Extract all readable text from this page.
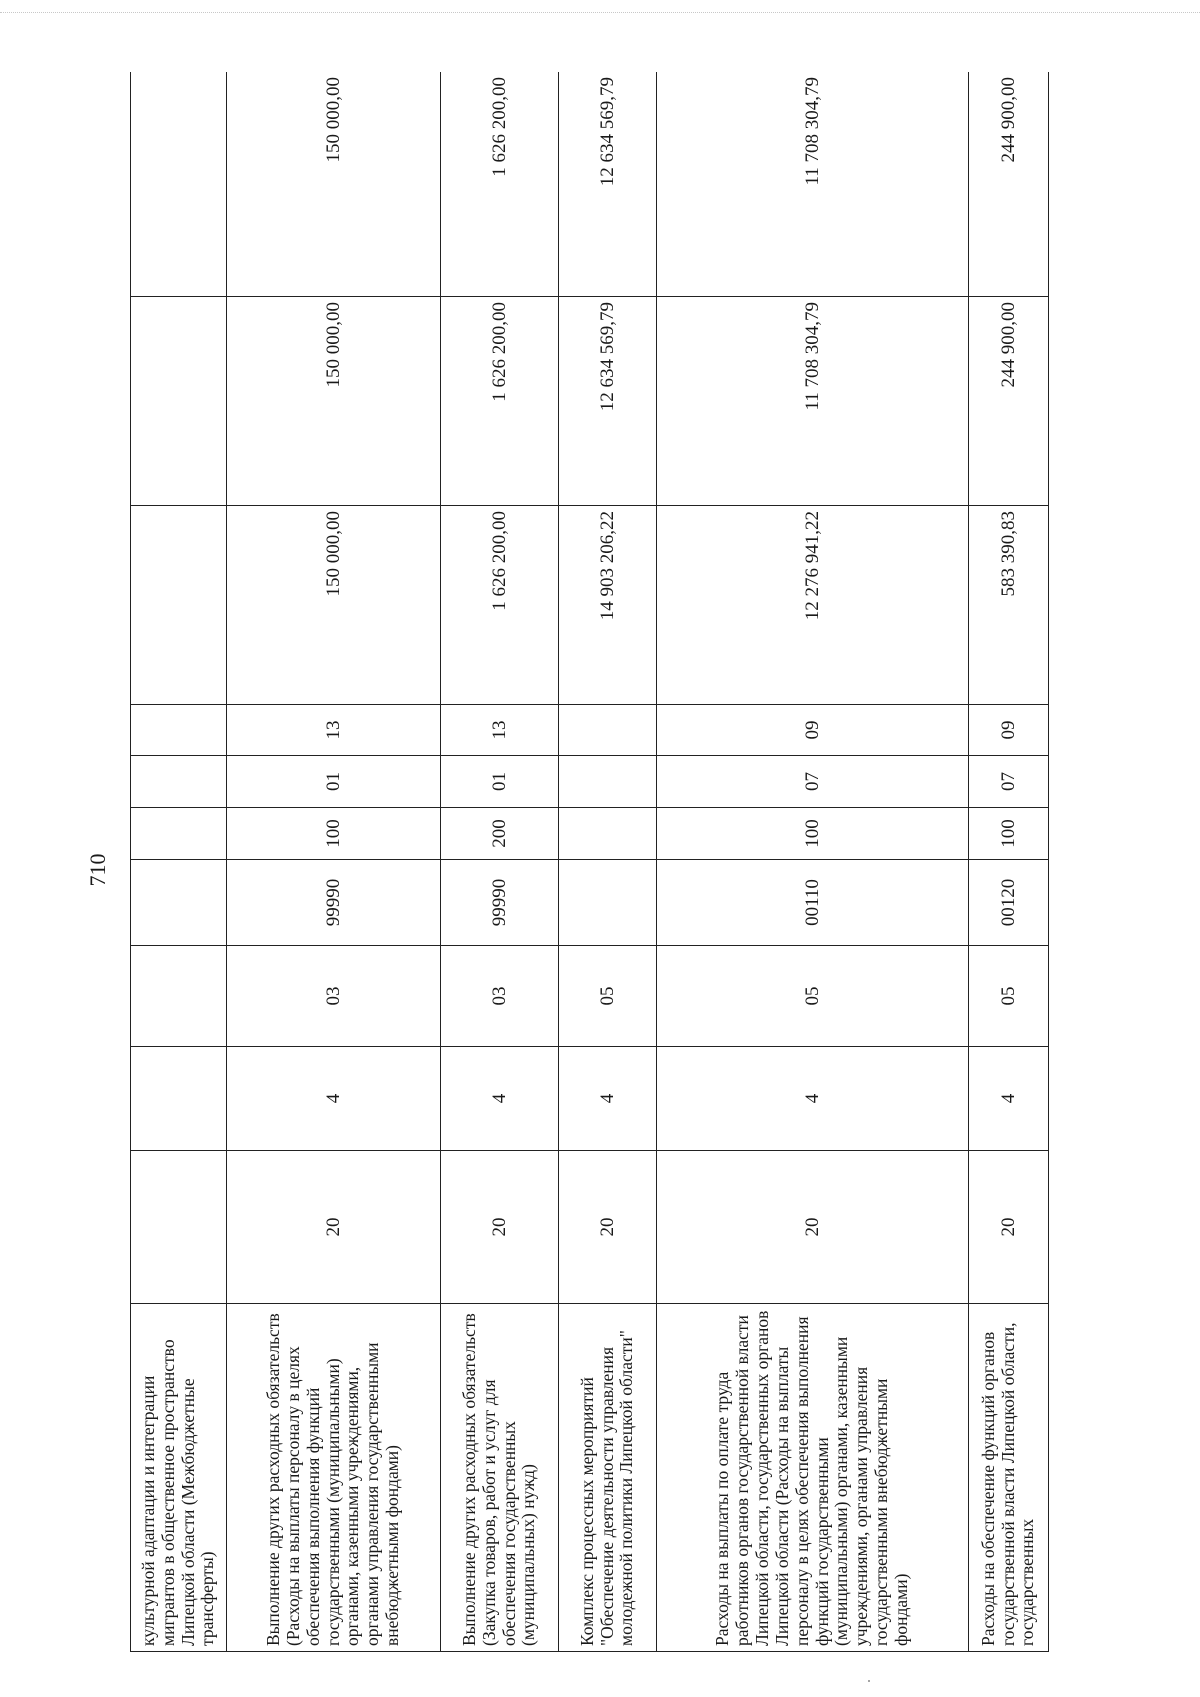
710
культурной адаптации и интеграции мигрантов в общественное пространство Липецкой области (Межбюджетные трансферты)										
Выполнение других расходных обязательств (Расходы на выплаты персоналу в целях обеспечения выполнения функций государственными (муниципальными) органами, казенными учреждениями, органами управления государственными внебюджетными фондами)	20	4	03	99990	100	01	13	150 000,00	150 000,00	150 000,00
Выполнение других расходных обязательств (Закупка товаров, работ и услуг для обеспечения государственных (муниципальных) нужд)	20	4	03	99990	200	01	13	1 626 200,00	1 626 200,00	1 626 200,00
Комплекс процессных мероприятий "Обеспечение деятельности управления молодежной политики Липецкой области"	20	4	05					14 903 206,22	12 634 569,79	12 634 569,79
Расходы на выплаты по оплате труда работников органов государственной власти Липецкой области, государственных органов Липецкой области (Расходы на выплаты персоналу в целях обеспечения выполнения функций государственными (муниципальными) органами, казенными учреждениями, органами управления государственными внебюджетными фондами)	20	4	05	00110	100	07	09	12 276 941,22	11 708 304,79	11 708 304,79
Расходы на обеспечение функций органов государственной власти Липецкой области, государственных	20	4	05	00120	100	07	09	583 390,83	244 900,00	244 900,00
